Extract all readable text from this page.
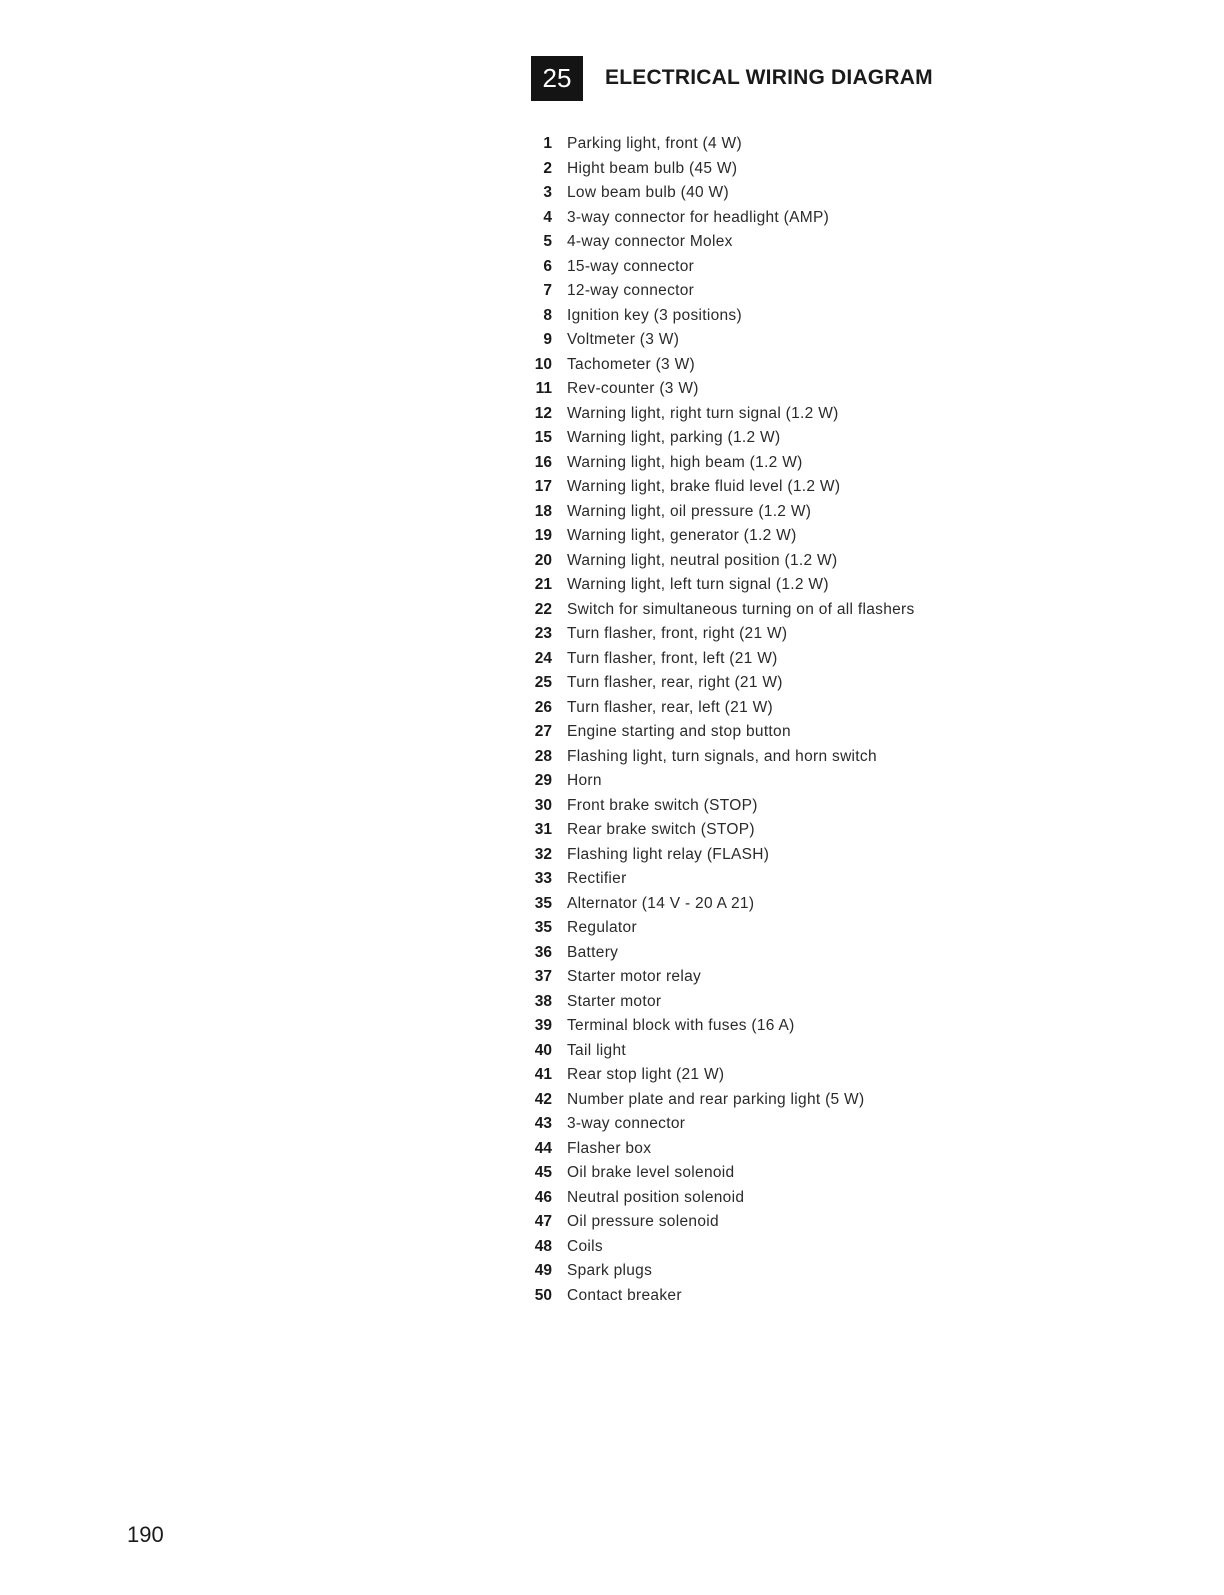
25	ELECTRICAL WIRING DIAGRAM
1 Parking light, front (4 W)
2 Hight beam bulb (45 W)
3 Low beam bulb (40 W)
4 3-way connector for headlight (AMP)
5 4-way connector Molex
6 15-way connector
7 12-way connector
8 Ignition key (3 positions)
9 Voltmeter (3 W)
10 Tachometer (3 W)
11 Rev-counter (3 W)
12 Warning light, right turn signal (1.2 W)
15 Warning light, parking (1.2 W)
16 Warning light, high beam (1.2 W)
17 Warning light, brake fluid level (1.2 W)
18 Warning light, oil pressure (1.2 W)
19 Warning light, generator (1.2 W)
20 Warning light, neutral position (1.2 W)
21 Warning light, left turn signal (1.2 W)
22 Switch for simultaneous turning on of all flashers
23 Turn flasher, front, right (21 W)
24 Turn flasher, front, left (21 W)
25 Turn flasher, rear, right (21 W)
26 Turn flasher, rear, left (21 W)
27 Engine starting and stop button
28 Flashing light, turn signals, and horn switch
29 Horn
30 Front brake switch (STOP)
31 Rear brake switch (STOP)
32 Flashing light relay (FLASH)
33 Rectifier
35 Alternator (14 V - 20 A 21)
35 Regulator
36 Battery
37 Starter motor relay
38 Starter motor
39 Terminal block with fuses (16 A)
40 Tail light
41 Rear stop light (21 W)
42 Number plate and rear parking light (5 W)
43 3-way connector
44 Flasher box
45 Oil brake level solenoid
46 Neutral position solenoid
47 Oil pressure solenoid
48 Coils
49 Spark plugs
50 Contact breaker
190
